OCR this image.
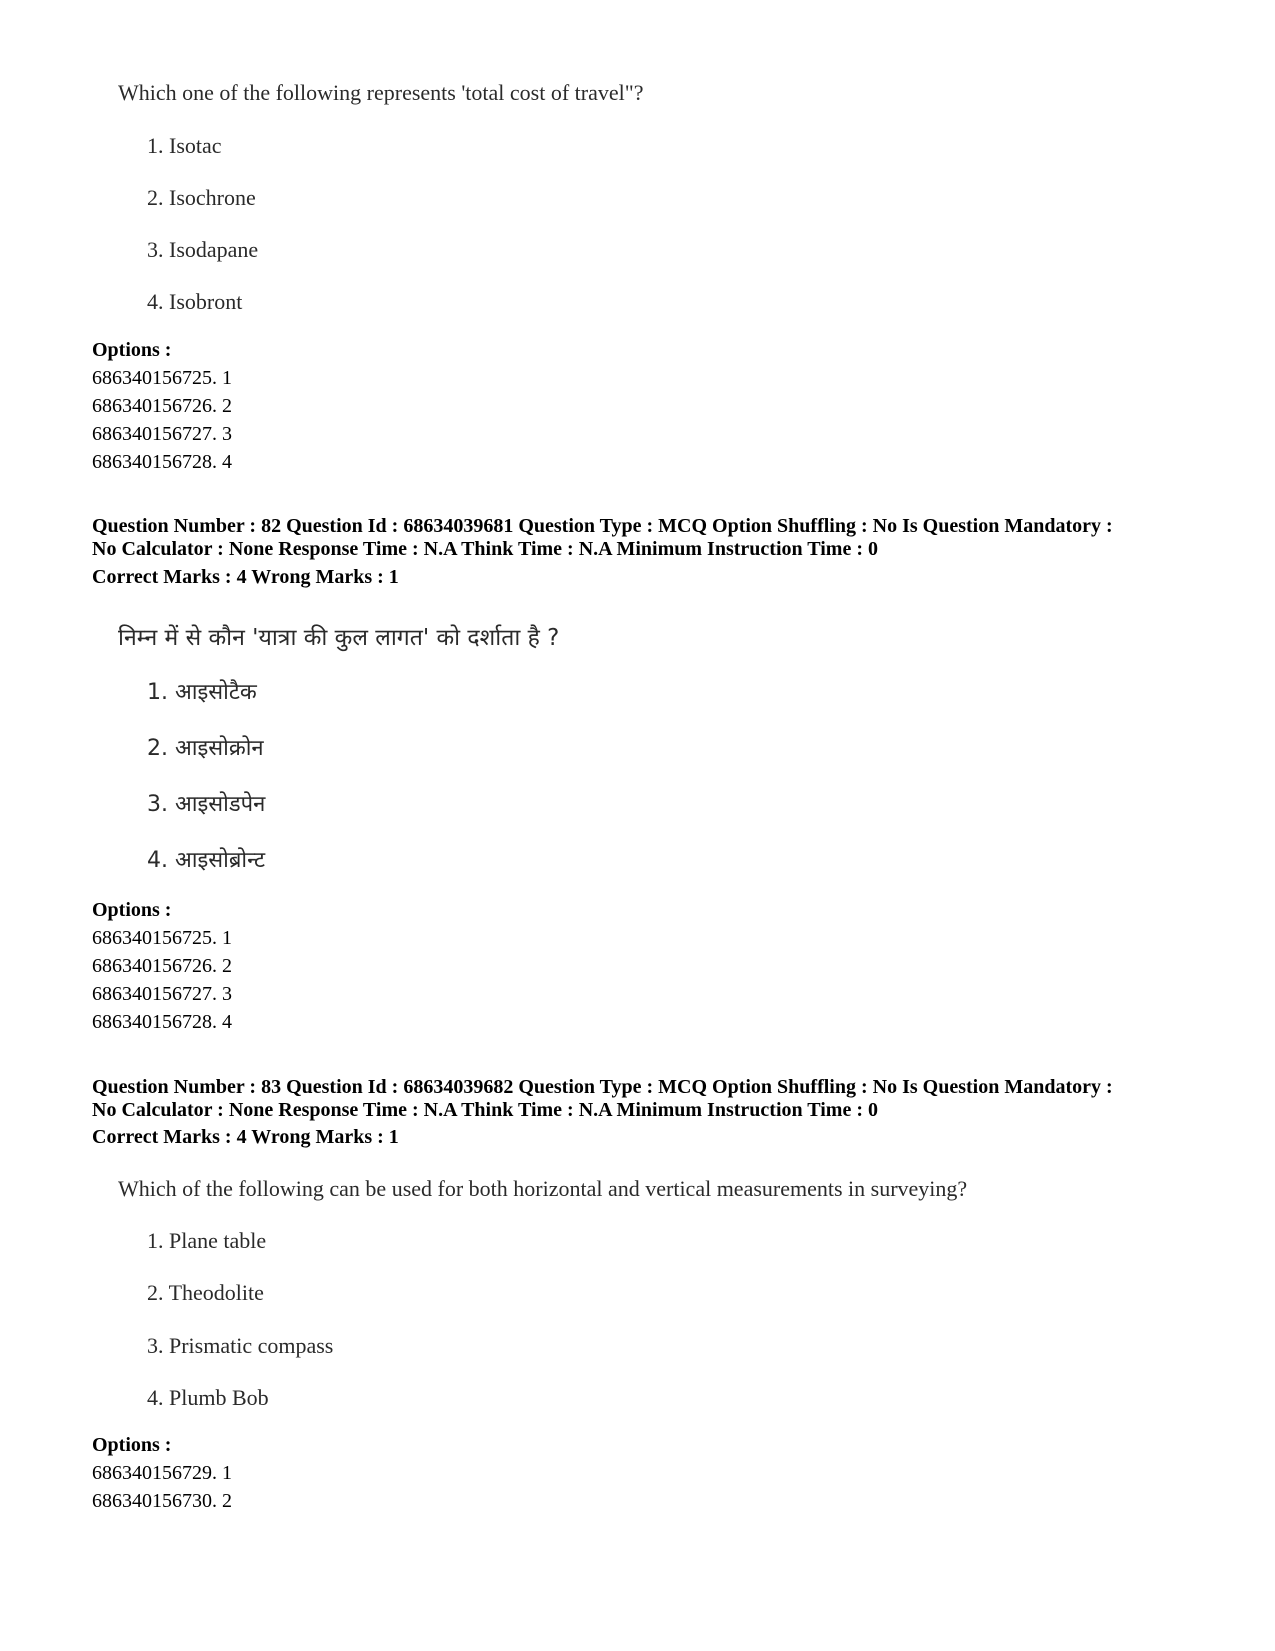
Which one of the following represents 'total cost of travel"?
1. Isotac
2. Isochrone
3. Isodapane
4. Isobront
Options :
686340156725. 1
686340156726. 2
686340156727. 3
686340156728. 4
Question Number : 82 Question Id : 68634039681 Question Type : MCQ Option Shuffling : No Is Question Mandatory :
No Calculator : None Response Time : N.A Think Time : N.A Minimum Instruction Time : 0
Correct Marks : 4 Wrong Marks : 1
निम्न में से कौन 'यात्रा की कुल लागत' को दर्शाता है ?
1. आइसोटैक
2. आइसोक्रोन
3. आइसोडपेन
4. आइसोब्रोन्ट
Options :
686340156725. 1
686340156726. 2
686340156727. 3
686340156728. 4
Question Number : 83 Question Id : 68634039682 Question Type : MCQ Option Shuffling : No Is Question Mandatory :
No Calculator : None Response Time : N.A Think Time : N.A Minimum Instruction Time : 0
Correct Marks : 4 Wrong Marks : 1
Which of the following can be used for both horizontal and vertical measurements in surveying?
1. Plane table
2. Theodolite
3. Prismatic compass
4. Plumb Bob
Options :
686340156729. 1
686340156730. 2
